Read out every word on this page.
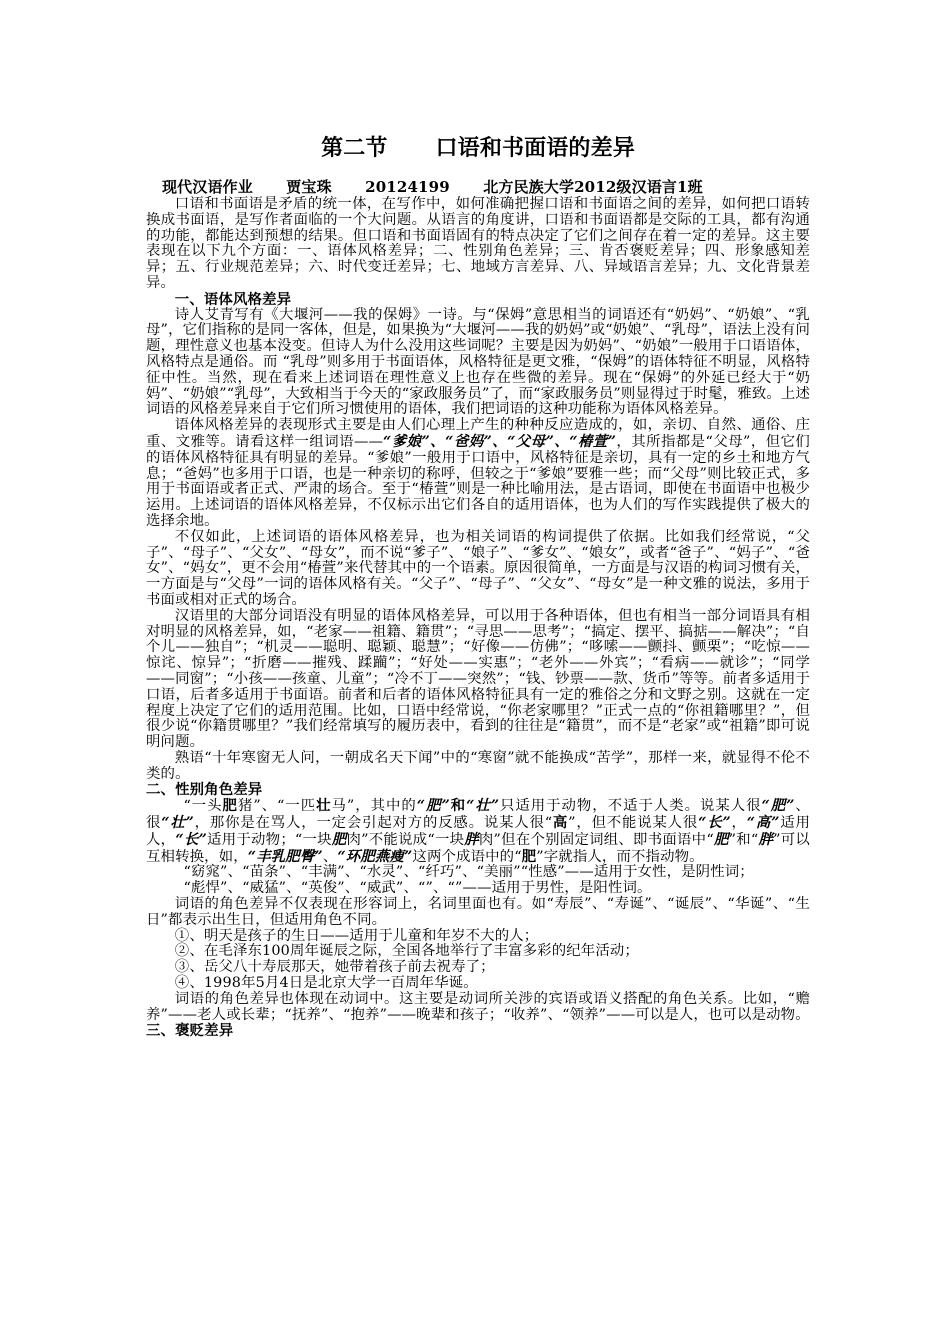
第二节　 口语和书面语的差异
现代汉语作业 贾宝珠 20124199 北方民族大学2012级汉语言1班

口语和书面语是矛盾的统一体，在写作中，如何准确把握口语和书面语之间的差异，如何把口语转换成书面语，是写作者面临的一个大问题。从语言的角度讲，口语和书面语都是交际的工具，都有沟通的功能，都能达到预想的结果。但口语和书面语固有的特点决定了它们之间存在着一定的差异。这主要表现在以下九个方面：一、语体风格差异；二、性别角色差异；三、肯否褒贬差异；四、形象感知差异；五、行业规范差异；六、时代变迁差异；七、地域方言差异、八、异域语言差异；九、文化背景差异。

一、语体风格差异

诗人艾青写有《大堰河——我的保姆》一诗。与“保姆”意思相当的词语还有“奶妈”、“奶娘”、“乳母”，它们指称的是同一客体，但是，如果换为“大堰河——我的奶妈”或“奶娘”、“乳母”，语法上没有问题，理性意义也基本没变。但诗人为什么没用这些词呢？主要是因为奶妈”、“奶娘”一般用于口语语体，风格特点是通俗。而 “乳母”则多用于书面语体，风格特征是更文雅，“保姆”的语体特征不明显，风格特征中性。当然，现在看来上述词语在理性意义上也存在些微的差异。现在“保姆”的外延已经大于“奶妈”、“奶娘”“乳母”，大致相当于今天的“家政服务员”了，而“家政服务员”则显得过于时髦，雅致。上述词语的风格差异来自于它们所习惯使用的语体，我们把词语的这种功能称为语体风格差异。

语体风格差异的表现形式主要是由人们心理上产生的种种反应造成的，如，亲切、自然、通俗、庄重、文雅等。请看这样一组词语——“爹娘”、“爸妈”、“父母”、“椿萱”，其所指都是“父母”，但它们的语体风格特征具有明显的差异。“爹娘”一般用于口语中，风格特征是亲切，具有一定的乡土和地方气息；“爸妈”也多用于口语，也是一种亲切的称呼，但较之于“爹娘”要雅一些；而“父母”则比较正式，多用于书面语或者正式、严肃的场合。至于“椿萱”则是一种比喻用法，是古语词，即使在书面语中也极少运用。上述词语的语体风格差异，不仅标示出它们各自的适用语体，也为人们的写作实践提供了极大的选择余地。

不仅如此，上述词语的语体风格差异，也为相关词语的构词提供了依据。比如我们经常说，“父子”、“母子”、“父女”、“母女”，而不说“爹子”、“娘子”、“爹女”、“娘女”，或者“爸子”、“妈子”、“爸女”、“妈女”，更不会用“椿萱”来代替其中的一个语素。原因很简单，一方面是与汉语的构词习惯有关，一方面是与“父母”一词的语体风格有关。“父子”、“母子”、“父女”、“母女”是一种文雅的说法，多用于书面或相对正式的场合。

汉语里的大部分词语没有明显的语体风格差异，可以用于各种语体，但也有相当一部分词语具有相对明显的风格差异，如，“老家——祖籍、籍贯”；“寻思——思考”；“搞定、摆平、搞掂——解决”；“自个儿——独自”；“机灵——聪明、聪颖、聪慧”；“好像——仿佛”；“哆嗦——颤抖、颤栗”；“吃惊——惊诧、惊异”；“折磨——摧残、蹂躏”；“好处——实惠”；“老外——外宾”；“看病——就诊”；“同学——同窗”；“小孩——孩童、儿童”；“冷不丁——突然”；“钱、钞票——款、货币”等等。前者多适用于口语，后者多适用于书面语。前者和后者的语体风格特征具有一定的雅俗之分和文野之别。这就在一定程度上决定了它们的适用范围。比如，口语中经常说，“你老家哪里？”正式一点的“你祖籍哪里？”，但很少说“你籍贯哪里？”我们经常填写的履历表中，看到的往往是“籍贯”，而不是“老家”或“祖籍”即可说明问题。

熟语“十年寒窗无人问，一朝成名天下闻”中的“寒窗”就不能换成“苦学”，那样一来，就显得不伦不类的。

二、性别角色差异

“一头肥猪”、“一匹壮马”，其中的“肥”和“壮”只适用于动物，不适于人类。说某人很“肥”、很“壮”，那你是在骂人，一定会引起对方的反感。说某人很“高”，但不能说某人很“长”，“高”适用人，“长”适用于动物；“一块肥肉”不能说成“一块胖肉”但在个别固定词组、即书面语中“肥”和“胖”可以互相转换，如，“丰乳肥臀”、“环肥燕瘦”这两个成语中的“肥”字就指人，而不指动物。

“窈窕”、“苗条”、“丰满”、“水灵”、“纤巧”、“美丽”“性感”——适用于女性，是阴性词；

“彪悍”、“威猛”、“英俊”、“威武”、“”、“”——适用于男性，是阳性词。

词语的角色差异不仅表现在形容词上，名词里面也有。如“寿辰”、“寿诞”、“诞辰”、“华诞”、“生日”都表示出生日，但适用角色不同。

①、明天是孩子的生日——适用于儿童和年岁不大的人；

②、在毛泽东100周年诞辰之际，全国各地举行了丰富多彩的纪年活动；

③、岳父八十寿辰那天，她带着孩子前去祝寿了；

④、1998年5月4日是北京大学一百周年华诞。

词语的角色差异也体现在动词中。这主要是动词所关涉的宾语或语义搭配的角色关系。比如，“赡养”——老人或长辈；“抚养”、“抱养”——晚辈和孩子；“收养”、“领养”——可以是人，也可以是动物。

三、褒贬差异
